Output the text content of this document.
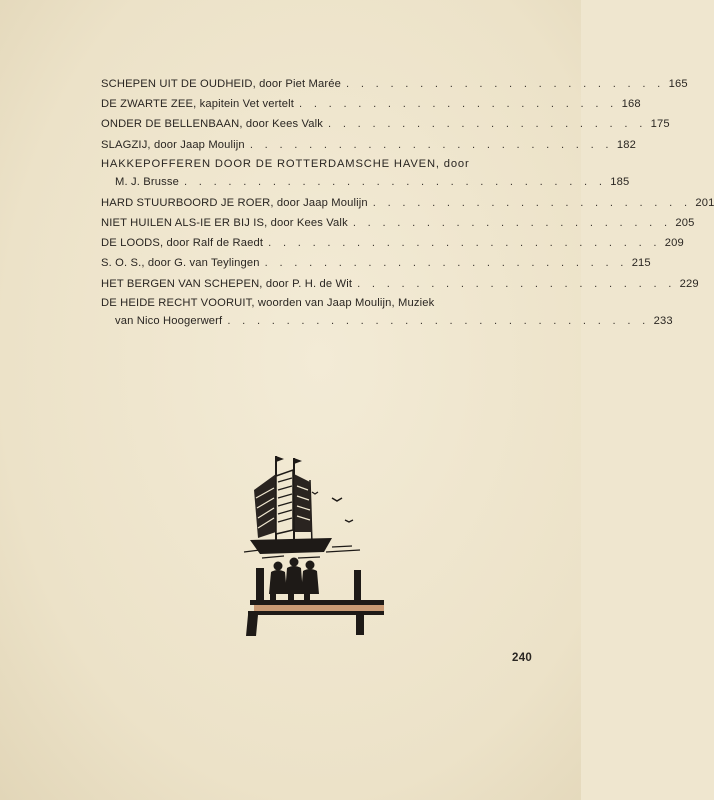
SCHEPEN UIT DE OUDHEID, door Piet Marée . . . . . . . . . . . . . . . . . . . . . . 165
DE ZWARTE ZEE, kapitein Vet vertelt . . . . . . . . . . . . . . . . . . . . . . 168
ONDER DE BELLENBAAN, door Kees Valk . . . . . . . . . . . . . . . . . . . . . . 175
SLAGZIJ, door Jaap Moulijn . . . . . . . . . . . . . . . . . . . . . . . . . 182
HAKKEPOFFEREN DOOR DE ROTTERDAMSCHE HAVEN, door
M. J. Brusse . . . . . . . . . . . . . . . . . . . . . . . . . . . . . 185
HARD STUURBOORD JE ROER, door Jaap Moulijn . . . . . . . . . . . . . . . . . . . . . . 201
NIET HUILEN ALS-IE ER BIJ IS, door Kees Valk . . . . . . . . . . . . . . . . . . . . . . 205
DE LOODS, door Ralf de Raedt . . . . . . . . . . . . . . . . . . . . . . . . . . . 209
S. O. S., door G. van Teylingen . . . . . . . . . . . . . . . . . . . . . . . . . 215
HET BERGEN VAN SCHEPEN, door P. H. de Wit . . . . . . . . . . . . . . . . . . . . . . 229
DE HEIDE RECHT VOORUIT, woorden van Jaap Moulijn, Muziek
van Nico Hoogerwerf . . . . . . . . . . . . . . . . . . . . . . . . . . . . . 233
240
